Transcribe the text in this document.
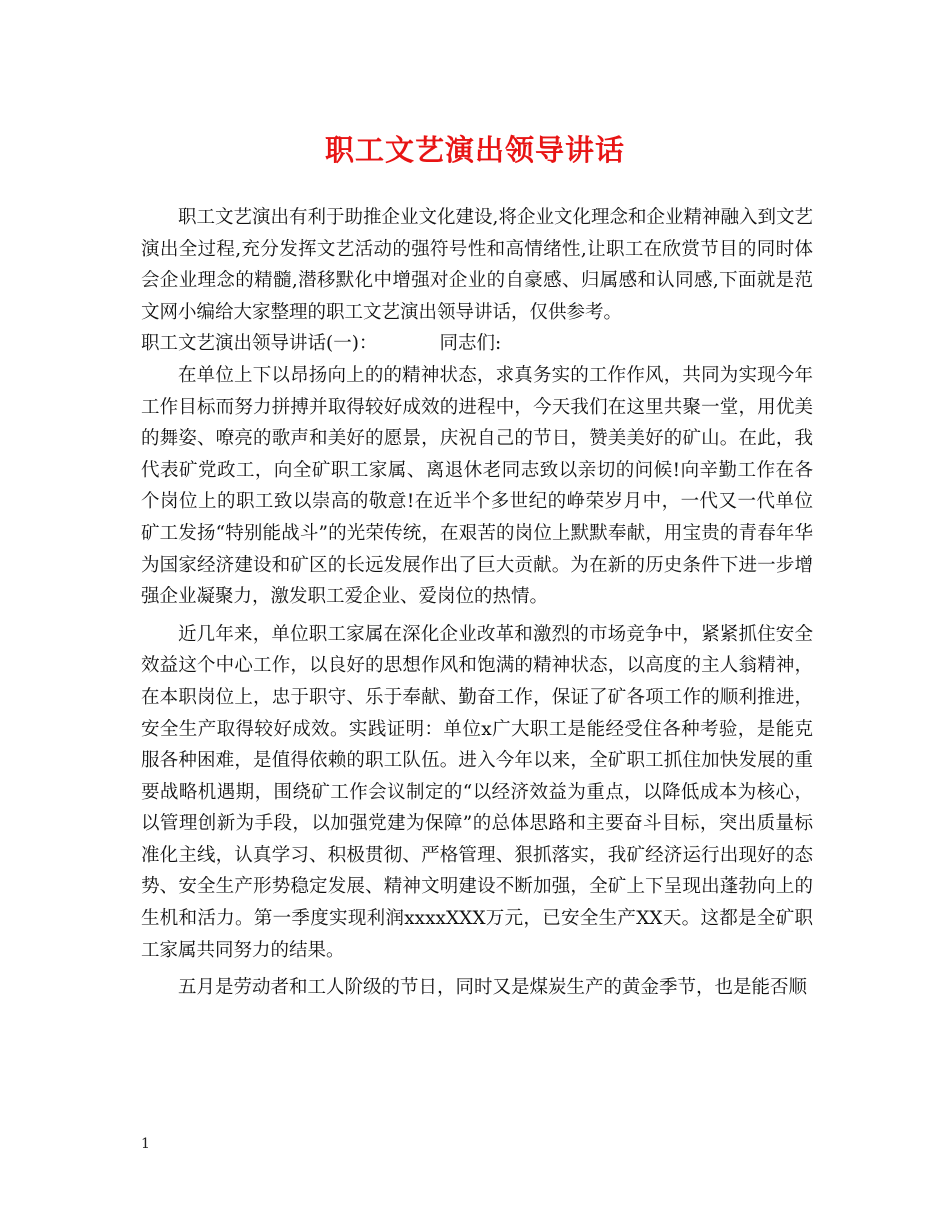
职工文艺演出领导讲话

职工文艺演出有利于助推企业文化建设,将企业文化理念和企业精神融入到文艺演出全过程,充分发挥文艺活动的强符号性和高情绪性,让职工在欣赏节目的同时体会企业理念的精髓,潜移默化中增强对企业的自豪感、归属感和认同感,下面就是范文网小编给大家整理的职工文艺演出领导讲话，仅供参考。

职工文艺演出领导讲话(一)：	同志们:

在单位上下以昂扬向上的的精神状态，求真务实的工作作风，共同为实现今年工作目标而努力拼搏并取得较好成效的进程中，今天我们在这里共聚一堂，用优美的舞姿、嘹亮的歌声和美好的愿景，庆祝自己的节日，赞美美好的矿山。在此，我代表矿党政工，向全矿职工家属、离退休老同志致以亲切的问候!向辛勤工作在各个岗位上的职工致以崇高的敬意!在近半个多世纪的峥荣岁月中，一代又一代单位矿工发扬“特别能战斗”的光荣传统，在艰苦的岗位上默默奉献，用宝贵的青春年华为国家经济建设和矿区的长远发展作出了巨大贡献。为在新的历史条件下进一步增强企业凝聚力，激发职工爱企业、爱岗位的热情。

近几年来，单位职工家属在深化企业改革和激烈的市场竞争中，紧紧抓住安全效益这个中心工作，以良好的思想作风和饱满的精神状态，以高度的主人翁精神，在本职岗位上，忠于职守、乐于奉献、勤奋工作，保证了矿各项工作的顺利推进，安全生产取得较好成效。实践证明：单位x广大职工是能经受住各种考验，是能克服各种困难，是值得依赖的职工队伍。进入今年以来，全矿职工抓住加快发展的重要战略机遇期，围绕矿工作会议制定的“以经济效益为重点，以降低成本为核心，以管理创新为手段，以加强党建为保障”的总体思路和主要奋斗目标，突出质量标准化主线，认真学习、积极贯彻、严格管理、狠抓落实，我矿经济运行出现好的态势、安全生产形势稳定发展、精神文明建设不断加强，全矿上下呈现出蓬勃向上的生机和活力。第一季度实现利润xxxxXXX万元，已安全生产XX天。这都是全矿职工家属共同努力的结果。

五月是劳动者和工人阶级的节日，同时又是煤炭生产的黄金季节，也是能否顺

1
